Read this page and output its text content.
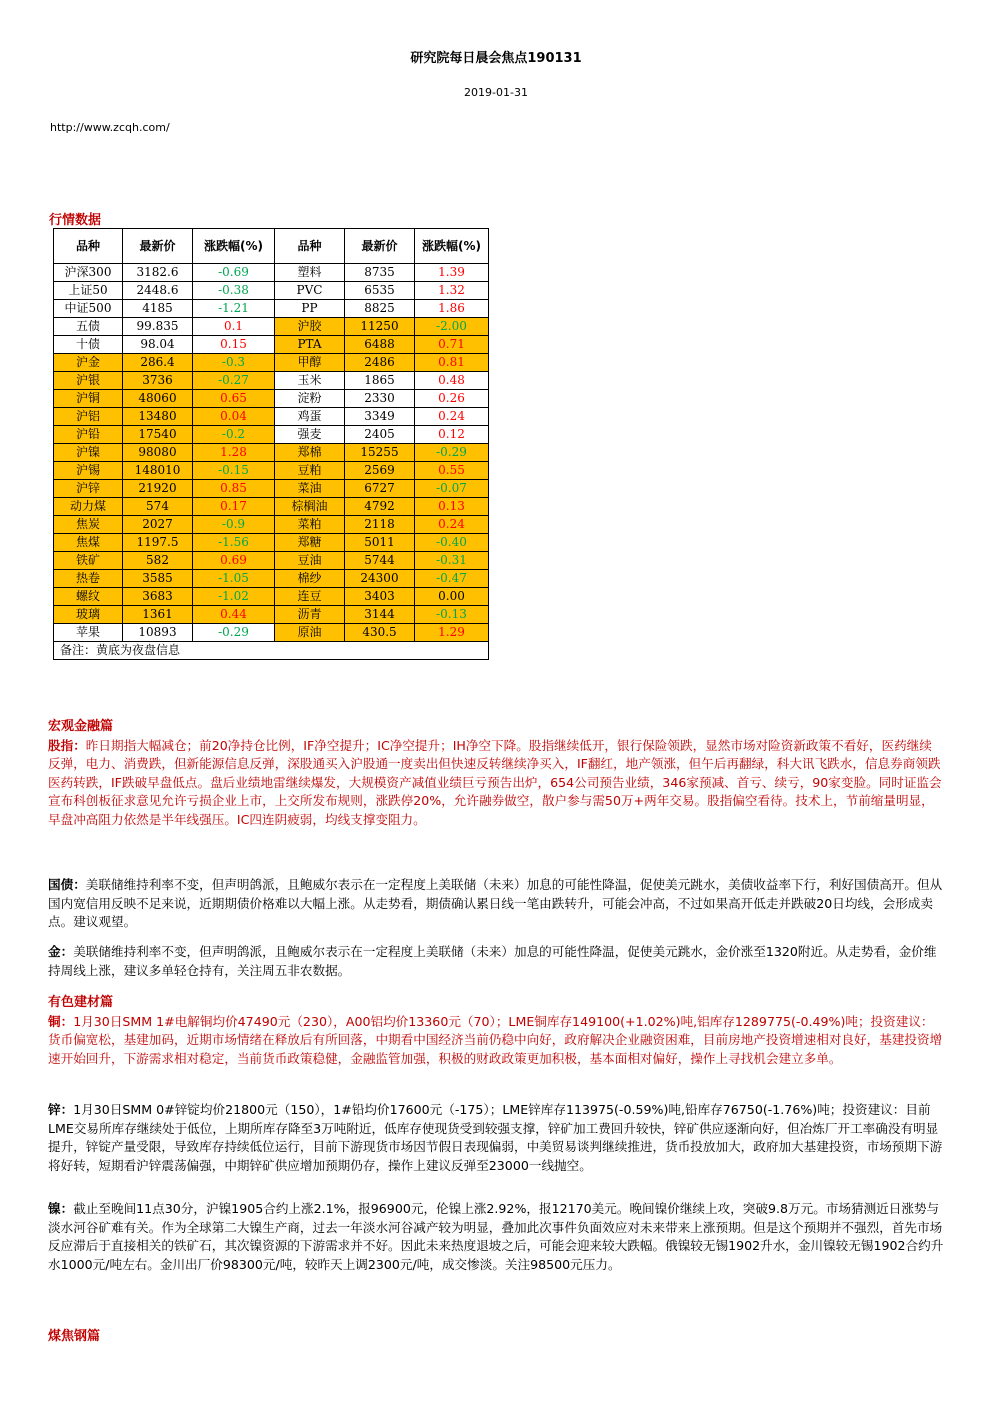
研究院每日晨会焦点190131
2019-01-31
http://www.zcqh.com/
行情数据
品种	最新价	涨跌幅(%)	品种	最新价	涨跌幅(%)
沪深300	3182.6	-0.69	塑料	8735	1.39
上证50	2448.6	-0.38	PVC	6535	1.32
中证500	4185	-1.21	PP	8825	1.86
五债	99.835	0.1	沪胶	11250	-2.00
十债	98.04	0.15	PTA	6488	0.71
沪金	286.4	-0.3	甲醇	2486	0.81
沪银	3736	-0.27	玉米	1865	0.48
沪铜	48060	0.65	淀粉	2330	0.26
沪铝	13480	0.04	鸡蛋	3349	0.24
沪铅	17540	-0.2	强麦	2405	0.12
沪镍	98080	1.28	郑棉	15255	-0.29
沪锡	148010	-0.15	豆粕	2569	0.55
沪锌	21920	0.85	菜油	6727	-0.07
动力煤	574	0.17	棕榈油	4792	0.13
焦炭	2027	-0.9	菜粕	2118	0.24
焦煤	1197.5	-1.56	郑糖	5011	-0.40
铁矿	582	0.69	豆油	5744	-0.31
热卷	3585	-1.05	棉纱	24300	-0.47
螺纹	3683	-1.02	连豆	3403	0.00
玻璃	1361	0.44	沥青	3144	-0.13
苹果	10893	-0.29	原油	430.5	1.29
备注：黄底为夜盘信息					
宏观金融篇
股指：昨日期指大幅减仓；前20净持仓比例，IF净空提升；IC净空提升；IH净空下降。股指继续低开，银行保险领跌，显然市场对险资新政策不看好，医药继续反弹，电力、消费跌，但新能源信息反弹，深股通买入沪股通一度卖出但快速反转继续净买入，IF翻红，地产领涨，但午后再翻绿，科大讯飞跌水，信息券商领跌医药转跌，IF跌破早盘低点。盘后业绩地雷继续爆发，大规模资产减值业绩巨亏预告出炉，654公司预告业绩，346家预减、首亏、续亏，90家变脸。同时证监会宣布科创板征求意见允许亏损企业上市，上交所发布规则，涨跌停20%，允许融券做空，散户参与需50万+两年交易。股指偏空看待。技术上，节前缩量明显，早盘冲高阻力依然是半年线强压。IC四连阴疲弱，均线支撑变阻力。
国债：美联储维持利率不变，但声明鸽派，且鲍威尔表示在一定程度上美联储（未来）加息的可能性降温，促使美元跳水，美债收益率下行，利好国债高开。但从国内宽信用反映不足来说，近期期债价格难以大幅上涨。从走势看，期债确认累日线一笔由跌转升，可能会冲高，不过如果高开低走并跌破20日均线，会形成卖点。建议观望。
金：美联储维持利率不变，但声明鸽派，且鲍威尔表示在一定程度上美联储（未来）加息的可能性降温，促使美元跳水，金价涨至1320附近。从走势看，金价维持周线上涨，建议多单轻仓持有，关注周五非农数据。
有色建材篇
铜：1月30日SMM 1#电解铜均价47490元（230），A00铝均价13360元（70）；LME铜库存149100(+1.02%)吨,铝库存1289775(-0.49%)吨；投资建议：货币偏宽松，基建加码，近期市场情绪在释放后有所回落，中期看中国经济当前仍稳中向好，政府解决企业融资困难，目前房地产投资增速相对良好，基建投资增速开始回升，下游需求相对稳定，当前货币政策稳健，金融监管加强，积极的财政政策更加积极，基本面相对偏好，操作上寻找机会建立多单。
锌：1月30日SMM 0#锌锭均价21800元（150），1#铅均价17600元（-175）；LME锌库存113975(-0.59%)吨,铅库存76750(-1.76%)吨；投资建议：目前LME交易所库存继续处于低位，上期所库存降至3万吨附近，低库存使现货受到较强支撑，锌矿加工费回升较快，锌矿供应逐渐向好，但冶炼厂开工率确没有明显提升，锌锭产量受限，导致库存持续低位运行，目前下游现货市场因节假日表现偏弱，中美贸易谈判继续推进，货币投放加大，政府加大基建投资，市场预期下游将好转，短期看沪锌震荡偏强，中期锌矿供应增加预期仍存，操作上建议反弹至23000一线抛空。
镍：截止至晚间11点30分，沪镍1905合约上涨2.1%，报96900元，伦镍上涨2.92%，报12170美元。晚间镍价继续上攻，突破9.8万元。市场猜测近日涨势与淡水河谷矿难有关。作为全球第二大镍生产商，过去一年淡水河谷减产较为明显，叠加此次事件负面效应对未来带来上涨预期。但是这个预期并不强烈，首先市场反应滞后于直接相关的铁矿石，其次镍资源的下游需求并不好。因此未来热度退坡之后，可能会迎来较大跌幅。俄镍较无锡1902升水，金川镍较无锡1902合约升水1000元/吨左右。金川出厂价98300元/吨，较昨天上调2300元/吨，成交惨淡。关注98500元压力。
煤焦钢篇
